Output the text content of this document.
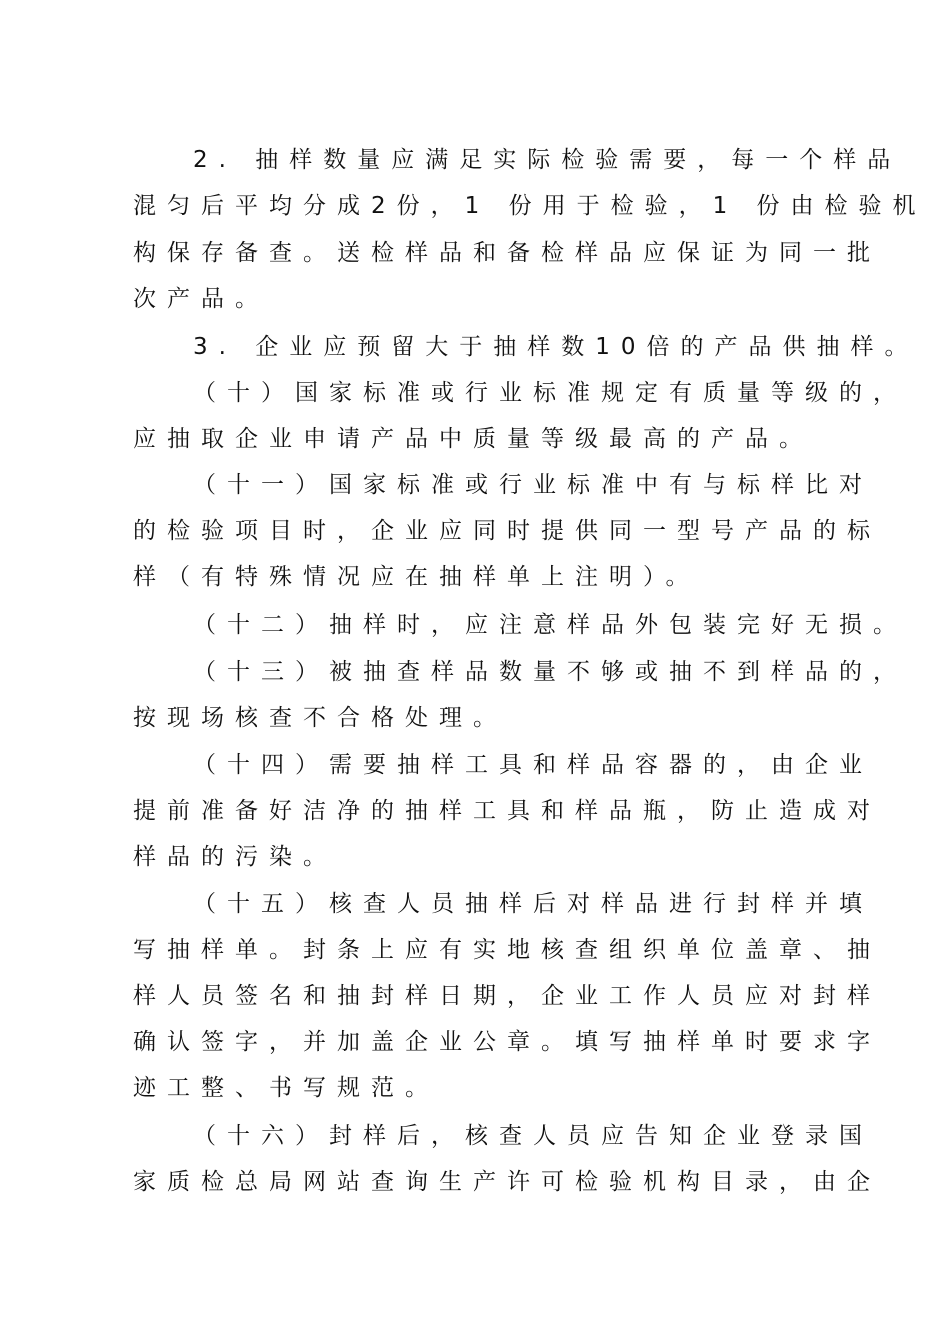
2. 抽样数量应满足实际检验需要，每一个样品
混匀后平均分成2份，1 份用于检验，1 份由检验机
构保存备查。送检样品和备检样品应保证为同一批
次产品。
3. 企业应预留大于抽样数10倍的产品供抽样。
（十）国家标准或行业标准规定有质量等级的，
应抽取企业申请产品中质量等级最高的产品。
（十一）国家标准或行业标准中有与标样比对
的检验项目时，企业应同时提供同一型号产品的标
样（有特殊情况应在抽样单上注明）。
（十二）抽样时，应注意样品外包装完好无损。
（十三）被抽查样品数量不够或抽不到样品的，
按现场核查不合格处理。
（十四）需要抽样工具和样品容器的，由企业
提前准备好洁净的抽样工具和样品瓶，防止造成对
样品的污染。
（十五）核查人员抽样后对样品进行封样并填
写抽样单。封条上应有实地核查组织单位盖章、抽
样人员签名和抽封样日期，企业工作人员应对封样
确认签字，并加盖企业公章。填写抽样单时要求字
迹工整、书写规范。
（十六）封样后，核查人员应告知企业登录国
家质检总局网站查询生产许可检验机构目录，由企
